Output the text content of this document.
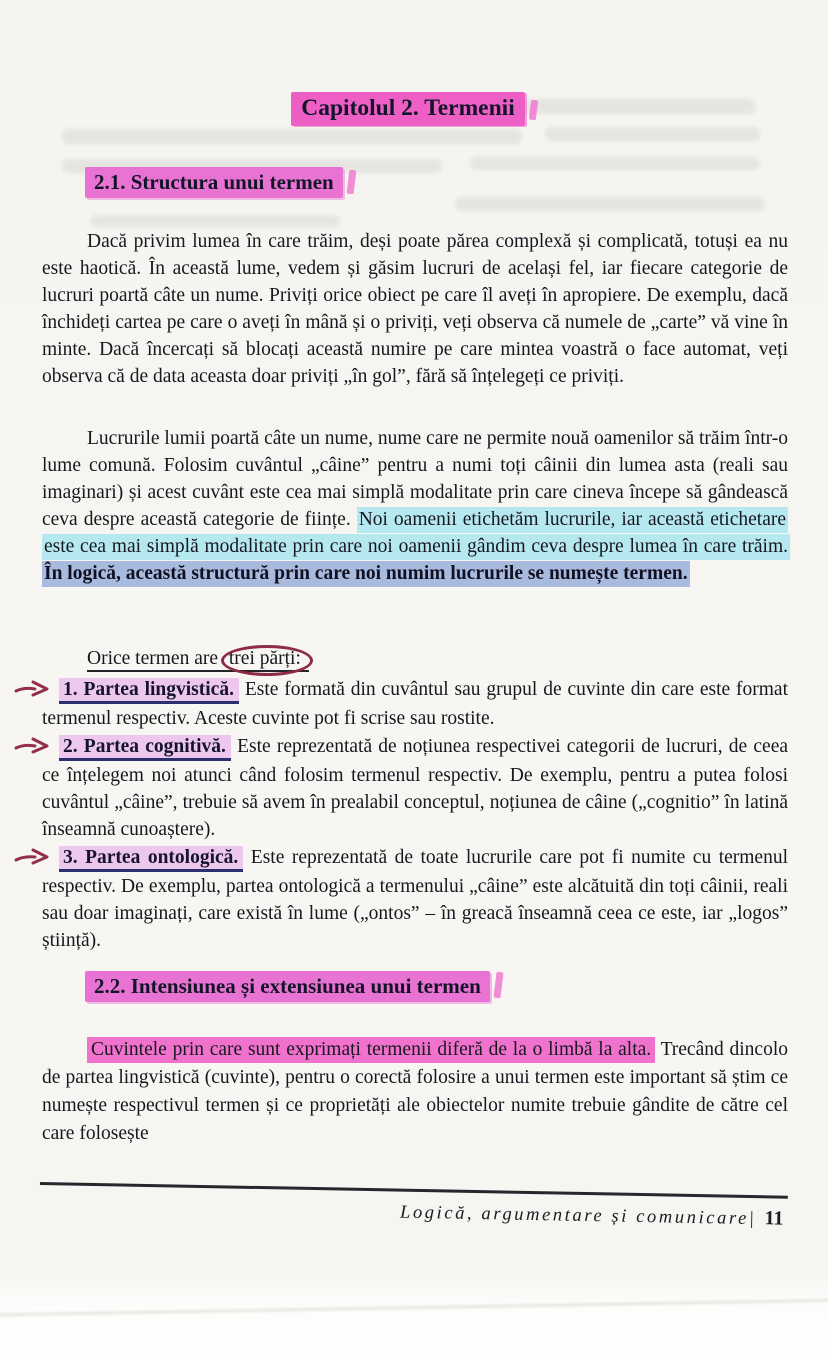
Capitolul 2. Termenii
2.1. Structura unui termen

Dacă privim lumea în care trăim, deși poate părea complexă și complicată, totuși ea nu este haotică. În această lume, vedem și găsim lucruri de același fel, iar fiecare categorie de lucruri poartă câte un nume. Priviți orice obiect pe care îl aveți în apropiere. De exemplu, dacă închideți cartea pe care o aveți în mână și o priviți, veți observa că numele de „carte” vă vine în minte. Dacă încercați să blocați această numire pe care mintea voastră o face automat, veți observa că de data aceasta doar priviți „în gol”, fără să înțelegeți ce priviți.

Lucrurile lumii poartă câte un nume, nume care ne permite nouă oamenilor să trăim într-o lume comună. Folosim cuvântul „câine” pentru a numi toți câinii din lumea asta (reali sau imaginari) și acest cuvânt este cea mai simplă modalitate prin care cineva începe să gândească ceva despre această categorie de ființe. Noi oamenii etichetăm lucrurile, iar această etichetare este cea mai simplă modalitate prin care noi oamenii gândim ceva despre lumea în care trăim. În logică, această structură prin care noi numim lucrurile se numește termen.

Orice termen are trei părți:

1. Partea lingvistică. Este formată din cuvântul sau grupul de cuvinte din care este format termenul respectiv. Aceste cuvinte pot fi scrise sau rostite.

2. Partea cognitivă. Este reprezentată de noțiunea respectivei categorii de lucruri, de ceea ce înțelegem noi atunci când folosim termenul respectiv. De exemplu, pentru a putea folosi cuvântul „câine”, trebuie să avem în prealabil conceptul, noțiunea de câine („cognitio” în latină înseamnă cunoaștere).

3. Partea ontologică. Este reprezentată de toate lucrurile care pot fi numite cu termenul respectiv. De exemplu, partea ontologică a termenului „câine” este alcătuită din toți câinii, reali sau doar imaginați, care există în lume („ontos” – în greacă înseamnă ceea ce este, iar „logos” știință).

2.2. Intensiunea și extensiunea unui termen

Cuvintele prin care sunt exprimați termenii diferă de la o limbă la alta. Trecând dincolo de partea lingvistică (cuvinte), pentru o corectă folosire a unui termen este important să știm ce numește respectivul termen și ce proprietăți ale obiectelor numite trebuie gândite de către cel care folosește

Logică, argumentare și comunicare| 11
